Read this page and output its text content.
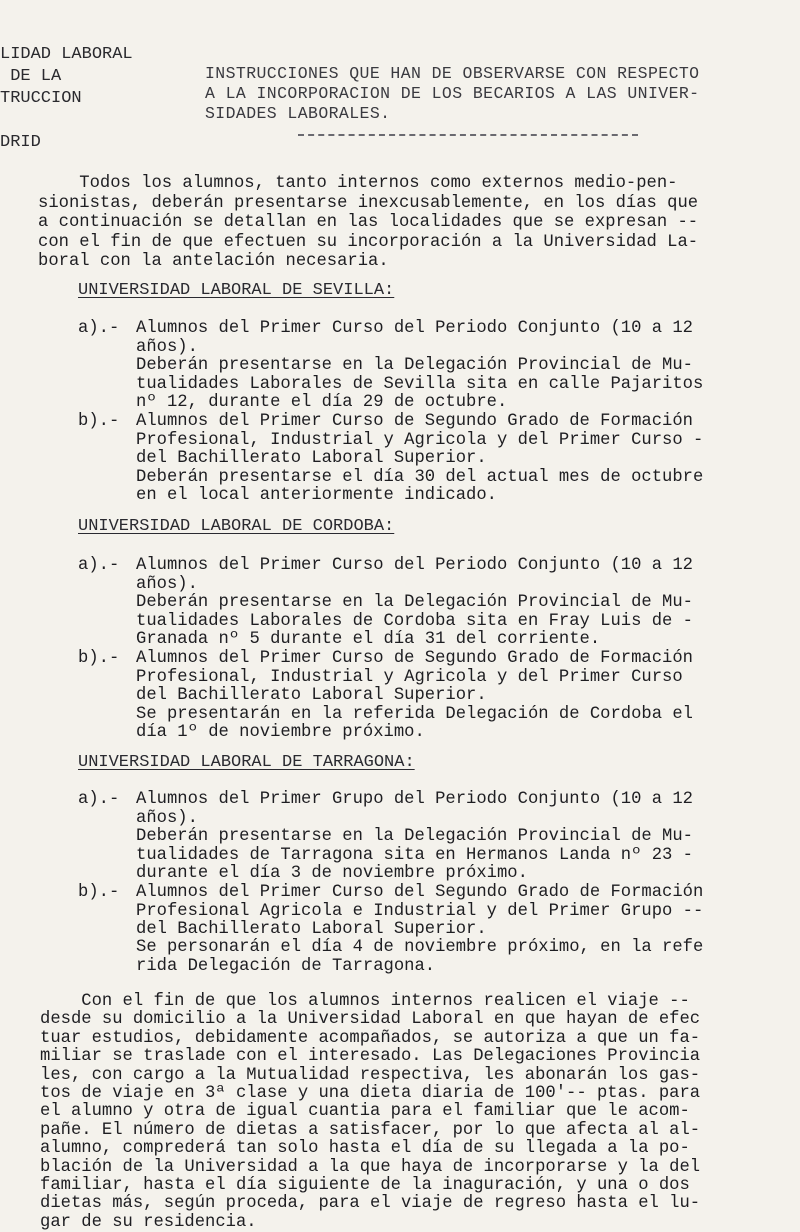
LIDAD LABORAL
DE LA
TRUCCION

DRID
INSTRUCCIONES QUE HAN DE OBSERVARSE CON RESPECTO
A LA INCORPORACION DE LOS BECARIOS A LAS UNIVER-
SIDADES LABORALES.
Todos los alumnos, tanto internos como externos medio-pen-
sionistas, deberán presentarse inexcusablemente, en los días que
a continuación se detallan en las localidades que se expresan --
con el fin de que efectuen su incorporación a la Universidad La-
boral con la antelación necesaria.
UNIVERSIDAD LABORAL DE SEVILLA:
a).- Alumnos del Primer Curso del Periodo Conjunto (10 a 12
años).
Deberán presentarse en la Delegación Provincial de Mu-
tualidades Laborales de Sevilla sita en calle Pajaritos
nº 12, durante el día 29 de octubre.
b).- Alumnos del Primer Curso de Segundo Grado de Formación
Profesional, Industrial y Agricola y del Primer Curso -
del Bachillerato Laboral Superior.
Deberán presentarse el día 30 del actual mes de octubre
en el local anteriormente indicado.
UNIVERSIDAD LABORAL DE CORDOBA:
a).- Alumnos del Primer Curso del Periodo Conjunto (10 a 12
años).
Deberán presentarse en la Delegación Provincial de Mu-
tualidades Laborales de Cordoba sita en Fray Luis de -
Granada nº 5 durante el día 31 del corriente.
b).- Alumnos del Primer Curso de Segundo Grado de Formación
Profesional, Industrial y Agricola y del Primer Curso
del Bachillerato Laboral Superior.
Se presentarán en la referida Delegación de Cordoba el
día 1º de noviembre próximo.
UNIVERSIDAD LABORAL DE TARRAGONA:
a).- Alumnos del Primer Grupo del Periodo Conjunto (10 a 12
años).
Deberán presentarse en la Delegación Provincial de Mu-
tualidades de Tarragona sita en Hermanos Landa nº 23 -
durante el día 3 de noviembre próximo.
b).- Alumnos del Primer Curso del Segundo Grado de Formación
Profesional Agricola e Industrial y del Primer Grupo --
del Bachillerato Laboral Superior.
Se personarán el día 4 de noviembre próximo, en la refe
rida Delegación de Tarragona.
Con el fin de que los alumnos internos realicen el viaje --
desde su domicilio a la Universidad Laboral en que hayan de efec
tuar estudios, debidamente acompañados, se autoriza a que un fa-
miliar se traslade con el interesado. Las Delegaciones Provincia
les, con cargo a la Mutualidad respectiva, les abonarán los gas-
tos de viaje en 3ª clase y una dieta diaria de 100'-- ptas. para
el alumno y otra de igual cuantia para el familiar que le acom-
pañe. El número de dietas a satisfacer, por lo que afecta al al-
alumno, comprederá tan solo hasta el día de su llegada a la po-
blación de la Universidad a la que haya de incorporarse y la del
familiar, hasta el día siguiente de la inaguración, y una o dos
dietas más, según proceda, para el viaje de regreso hasta el lu-
gar de su residencia.
